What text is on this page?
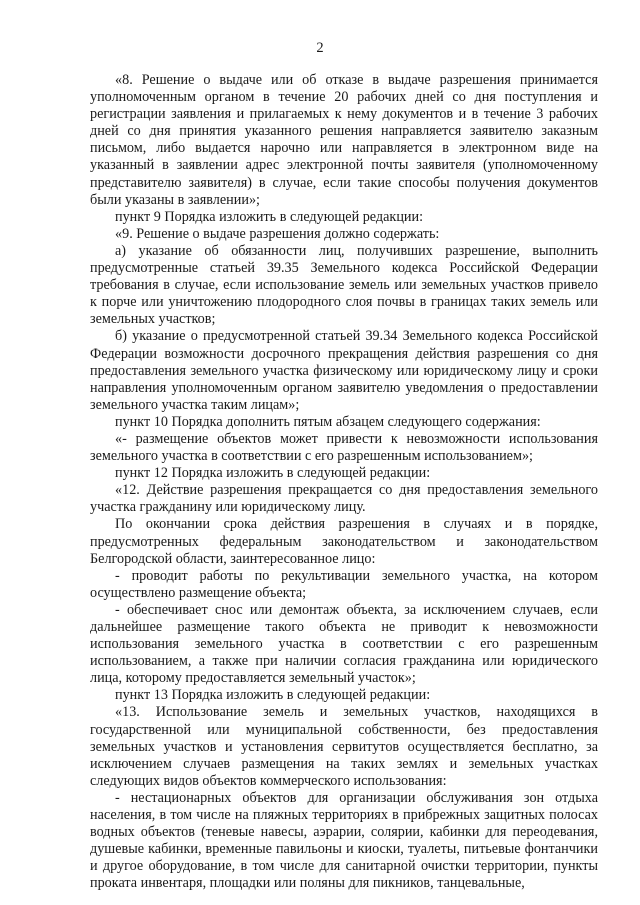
2

«8. Решение о выдаче или об отказе в выдаче разрешения принимается уполномоченным органом в течение 20 рабочих дней со дня поступления и регистрации заявления и прилагаемых к нему документов и в течение 3 рабочих дней со дня принятия указанного решения направляется заявителю заказным письмом, либо выдается нарочно или направляется в электронном виде на указанный в заявлении адрес электронной почты заявителя (уполномоченному представителю заявителя) в случае, если такие способы получения документов были указаны в заявлении»;

пункт 9 Порядка изложить в следующей редакции:

«9. Решение о выдаче разрешения должно содержать:

а) указание об обязанности лиц, получивших разрешение, выполнить предусмотренные статьей 39.35 Земельного кодекса Российской Федерации требования в случае, если использование земель или земельных участков привело к порче или уничтожению плодородного слоя почвы в границах таких земель или земельных участков;

б) указание о предусмотренной статьей 39.34 Земельного кодекса Российской Федерации возможности досрочного прекращения действия разрешения со дня предоставления земельного участка физическому или юридическому лицу и сроки направления уполномоченным органом заявителю уведомления о предоставлении земельного участка таким лицам»;

пункт 10 Порядка дополнить пятым абзацем следующего содержания:

«- размещение объектов может привести к невозможности использования земельного участка в соответствии с его разрешенным использованием»;

пункт 12 Порядка изложить в следующей редакции:

«12. Действие разрешения прекращается со дня предоставления земельного участка гражданину или юридическому лицу.

По окончании срока действия разрешения в случаях и в порядке, предусмотренных федеральным законодательством и законодательством Белгородской области, заинтересованное лицо:

- проводит работы по рекультивации земельного участка, на котором осуществлено размещение объекта;

- обеспечивает снос или демонтаж объекта, за исключением случаев, если дальнейшее размещение такого объекта не приводит к невозможности использования земельного участка в соответствии с его разрешенным использованием, а также при наличии согласия гражданина или юридического лица, которому предоставляется земельный участок»;

пункт 13 Порядка изложить в следующей редакции:

«13. Использование земель и земельных участков, находящихся в государственной или муниципальной собственности, без предоставления земельных участков и установления сервитутов осуществляется бесплатно, за исключением случаев размещения на таких землях и земельных участках следующих видов объектов коммерческого использования:

- нестационарных объектов для организации обслуживания зон отдыха населения, в том числе на пляжных территориях в прибрежных защитных полосах водных объектов (теневые навесы, аэрарии, солярии, кабинки для переодевания, душевые кабинки, временные павильоны и киоски, туалеты, питьевые фонтанчики и другое оборудование, в том числе для санитарной очистки территории, пункты проката инвентаря, площадки или поляны для пикников, танцевальные,
